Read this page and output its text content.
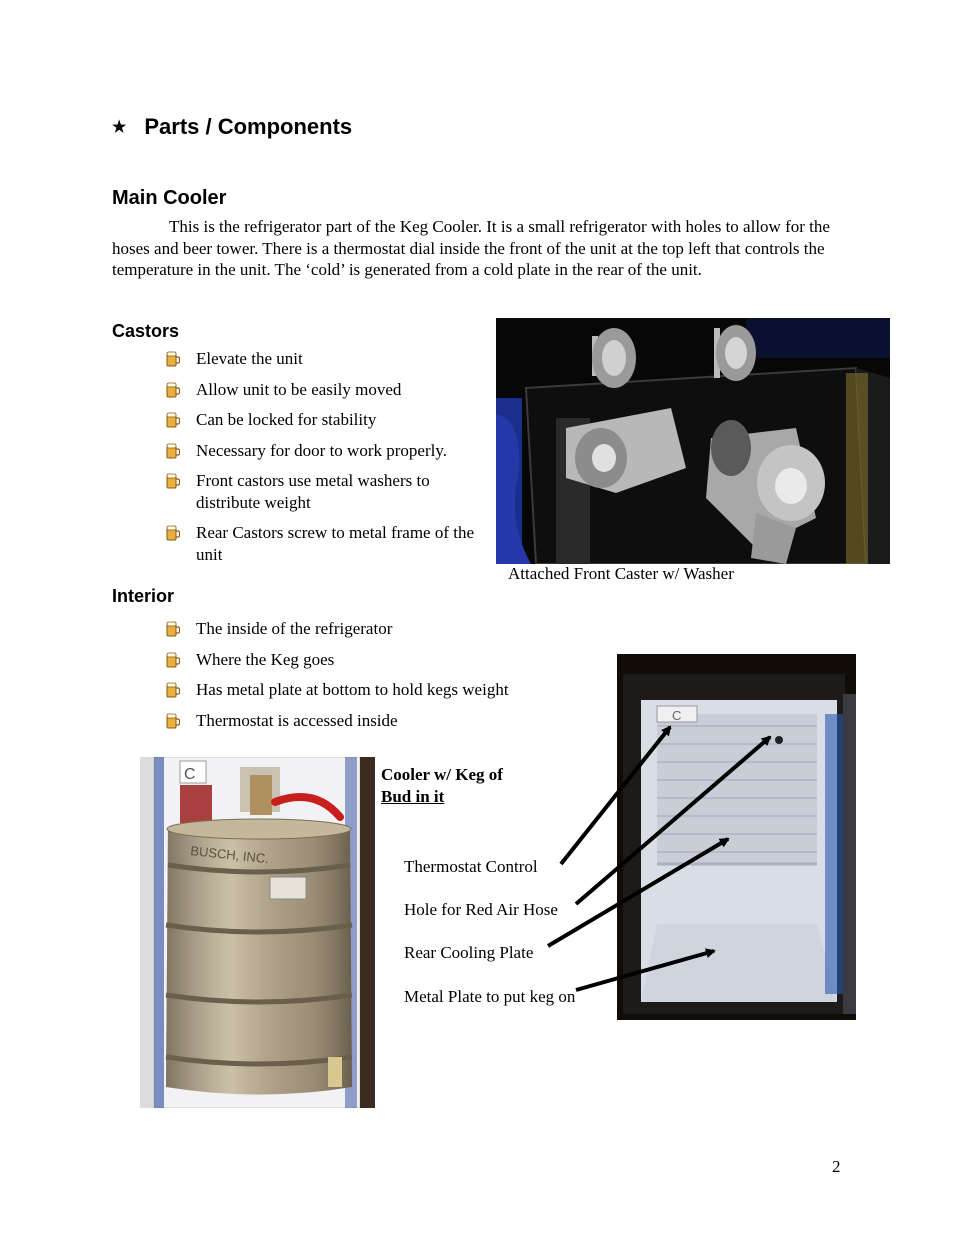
★ Parts / Components
Main Cooler
This is the refrigerator part of the Keg Cooler. It is a small refrigerator with holes to allow for the hoses and beer tower. There is a thermostat dial inside the front of the unit at the top left that controls the temperature in the unit. The ‘cold’ is generated from a cold plate in the rear of the unit.
Castors
Elevate the unit
Allow unit to be easily moved
Can be locked for stability
Necessary for door to work properly.
Front castors use metal washers to distribute weight
Rear Castors screw to metal frame of the unit
Attached Front Caster w/ Washer
Interior
The inside of the refrigerator
Where the Keg goes
Has metal plate at bottom to hold kegs weight
Thermostat is accessed inside
C
BUSCH, INC.
Cooler w/ Keg of
Bud in it
Thermostat Control
Hole for Red Air Hose
Rear Cooling Plate
Metal Plate to put keg on
C
2
